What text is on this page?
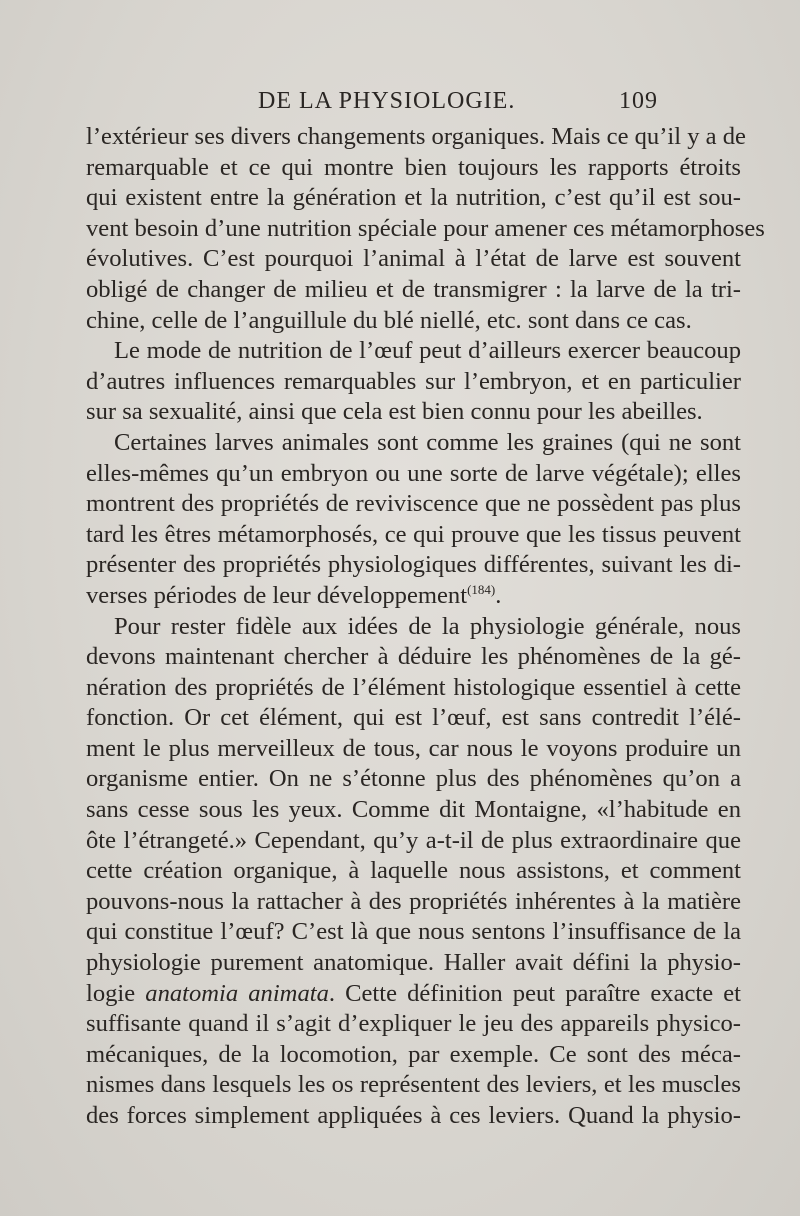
DE LA PHYSIOLOGIE.	109
l’extérieur ses divers changements organiques. Mais ce qu’il y a de
remarquable et ce qui montre bien toujours les rapports étroits
qui existent entre la génération et la nutrition, c’est qu’il est sou-
vent besoin d’une nutrition spéciale pour amener ces métamorphoses
évolutives. C’est pourquoi l’animal à l’état de larve est souvent
obligé de changer de milieu et de transmigrer : la larve de la tri-
chine, celle de l’anguillule du blé niellé, etc. sont dans ce cas.
Le mode de nutrition de l’œuf peut d’ailleurs exercer beaucoup
d’autres influences remarquables sur l’embryon, et en particulier
sur sa sexualité, ainsi que cela est bien connu pour les abeilles.
Certaines larves animales sont comme les graines (qui ne sont
elles-mêmes qu’un embryon ou une sorte de larve végétale); elles
montrent des propriétés de reviviscence que ne possèdent pas plus
tard les êtres métamorphosés, ce qui prouve que les tissus peuvent
présenter des propriétés physiologiques différentes, suivant les di-
verses périodes de leur développement$^{(184)}$.
Pour rester fidèle aux idées de la physiologie générale, nous
devons maintenant chercher à déduire les phénomènes de la gé-
nération des propriétés de l’élément histologique essentiel à cette
fonction. Or cet élément, qui est l’œuf, est sans contredit l’élé-
ment le plus merveilleux de tous, car nous le voyons produire un
organisme entier. On ne s’étonne plus des phénomènes qu’on a
sans cesse sous les yeux. Comme dit Montaigne, «l’habitude en
ôte l’étrangeté.» Cependant, qu’y a-t-il de plus extraordinaire que
cette création organique, à laquelle nous assistons, et comment
pouvons-nous la rattacher à des propriétés inhérentes à la matière
qui constitue l’œuf? C’est là que nous sentons l’insuffisance de la
physiologie purement anatomique. Haller avait défini la physio-
logie anatomia animata. Cette définition peut paraître exacte et
suffisante quand il s’agit d’expliquer le jeu des appareils physico-
mécaniques, de la locomotion, par exemple. Ce sont des méca-
nismes dans lesquels les os représentent des leviers, et les muscles
des forces simplement appliquées à ces leviers. Quand la physio-
